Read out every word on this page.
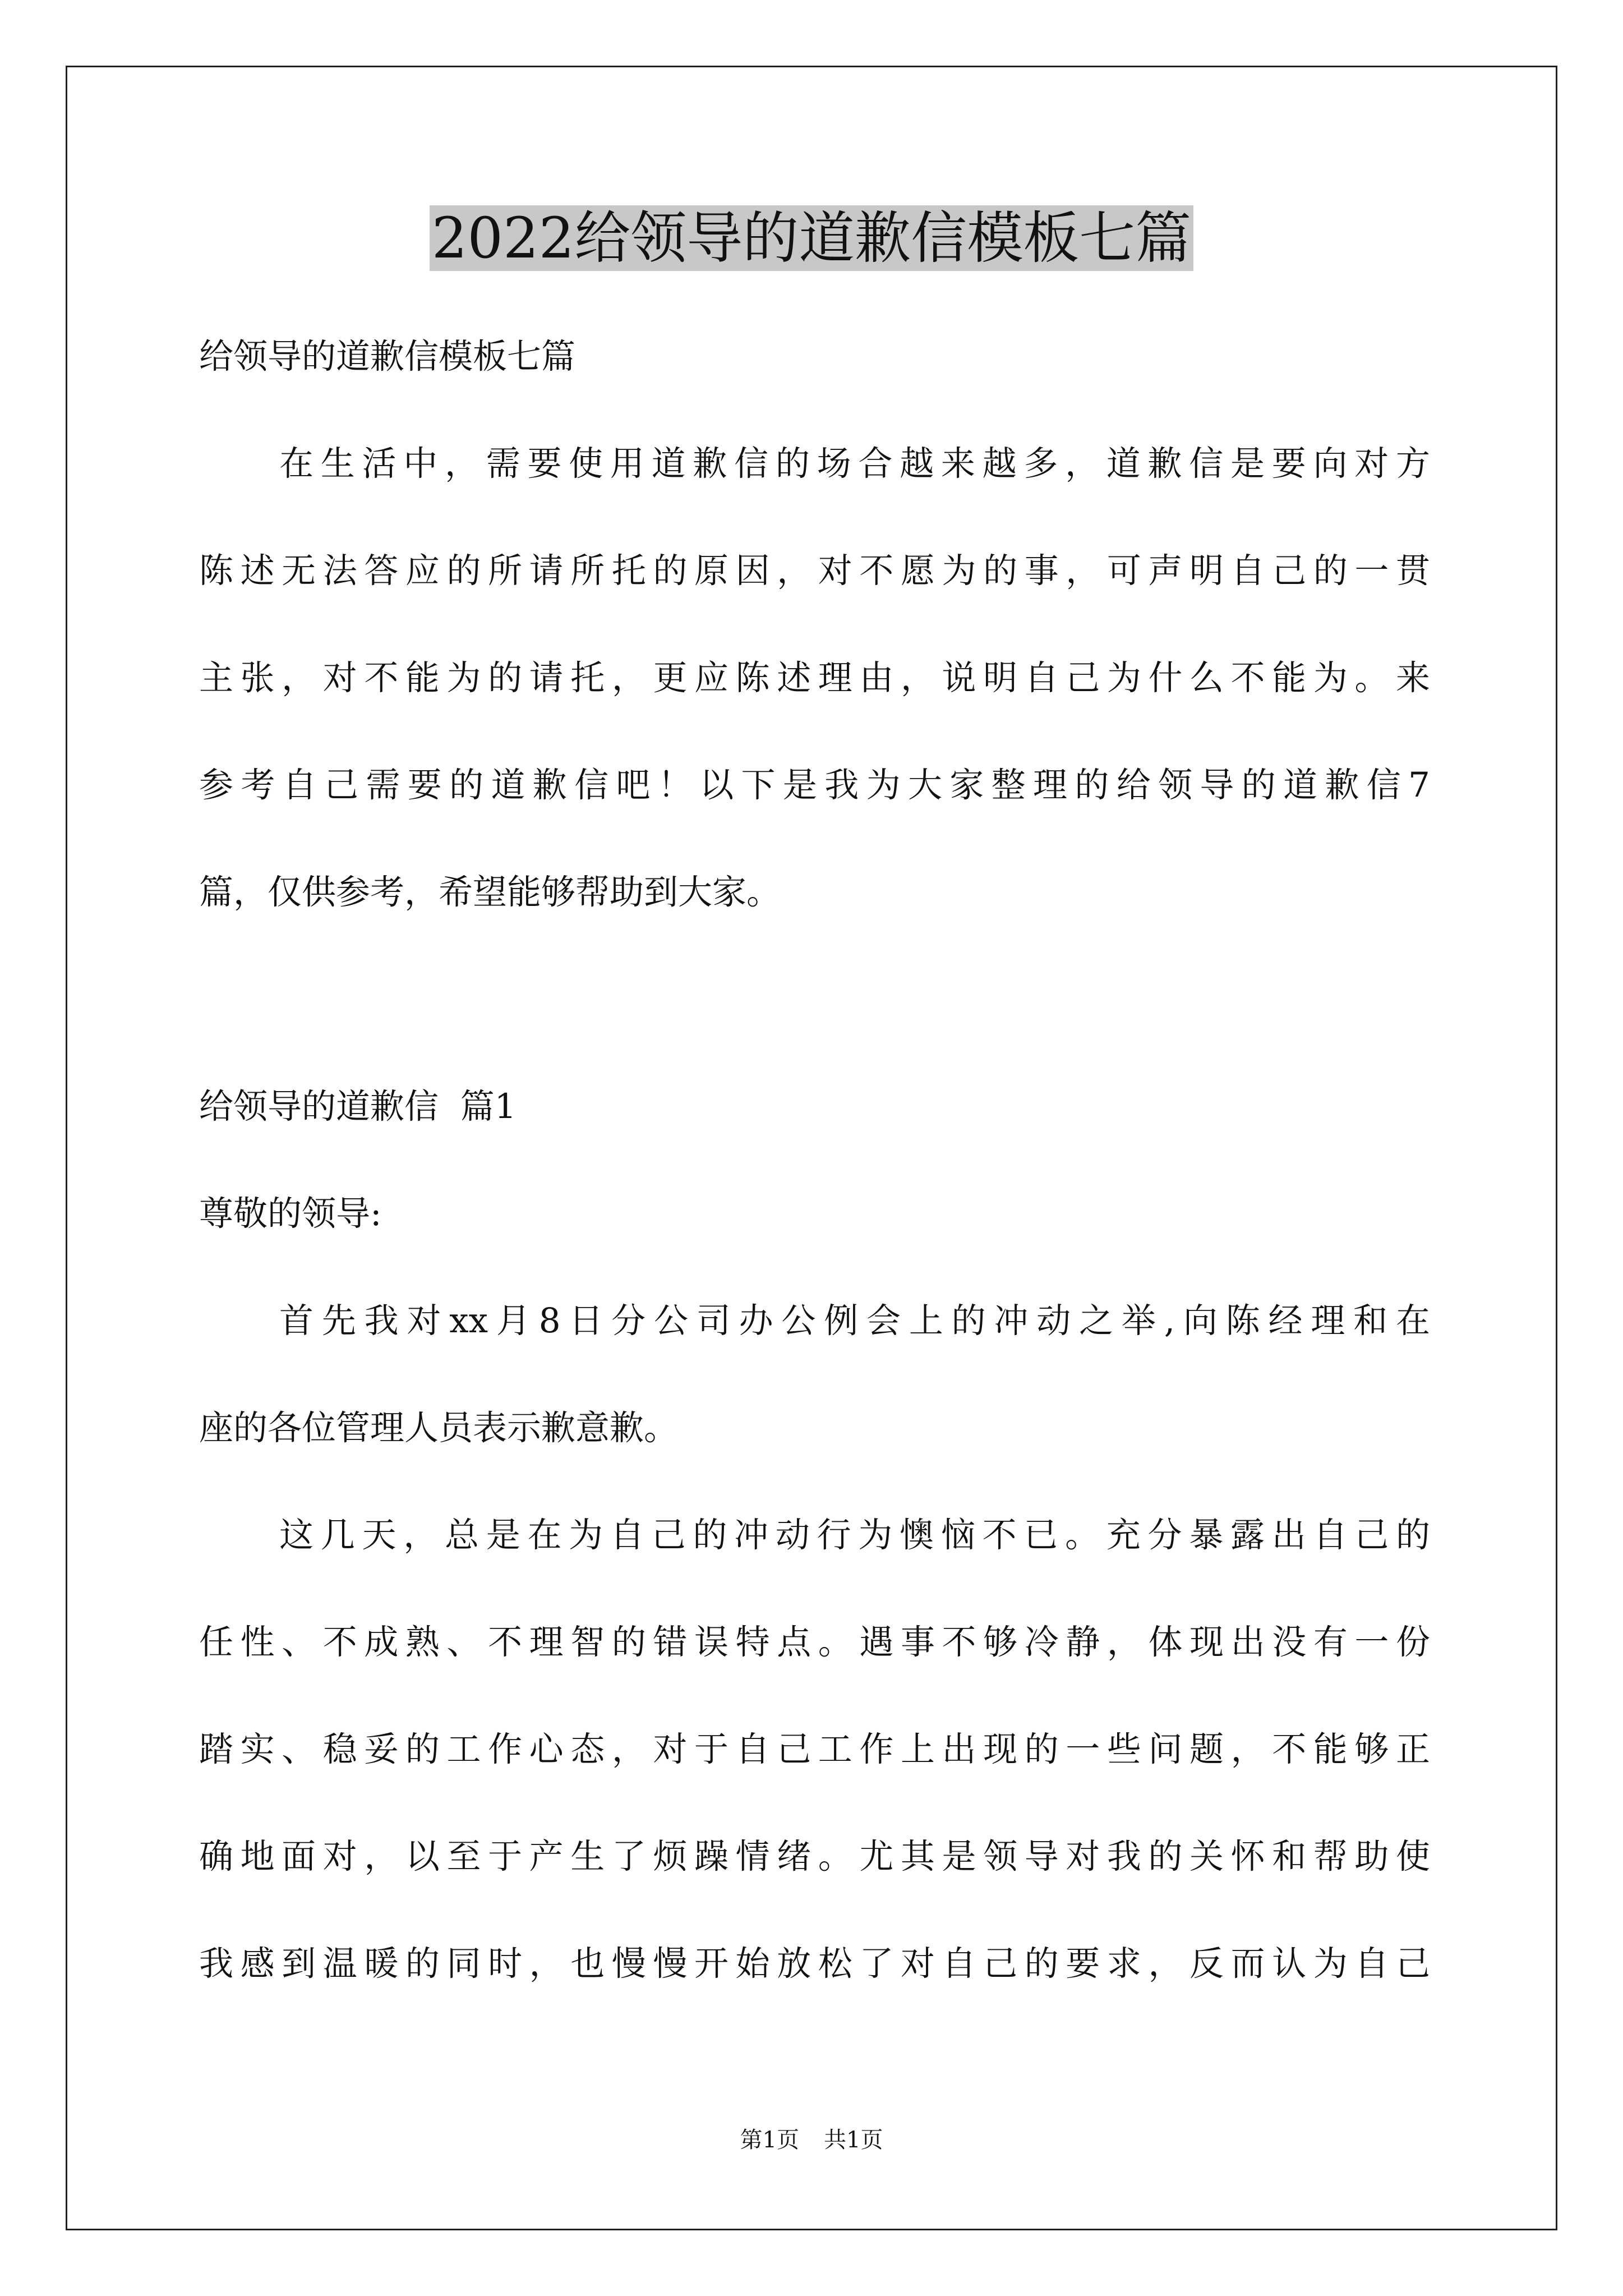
2022给领导的道歉信模板七篇
给领导的道歉信模板七篇
在生活中，需要使用道歉信的场合越来越多，道歉信是要向对方
陈述无法答应的所请所托的原因，对不愿为的事，可声明自己的一贯
主张，对不能为的请托，更应陈述理由，说明自己为什么不能为。来
参考自己需要的道歉信吧！以下是我为大家整理的给领导的道歉信7
篇，仅供参考，希望能够帮助到大家。
给领导的道歉信  篇1
尊敬的领导:
首先我对xx月8日分公司办公例会上的冲动之举,向陈经理和在
座的各位管理人员表示歉意歉。
这几天，总是在为自己的冲动行为懊恼不已。充分暴露出自己的
任性、不成熟、不理智的错误特点。遇事不够冷静，体现出没有一份
踏实、稳妥的工作心态，对于自己工作上出现的一些问题，不能够正
确地面对，以至于产生了烦躁情绪。尤其是领导对我的关怀和帮助使
我感到温暖的同时，也慢慢开始放松了对自己的要求，反而认为自己
第1页 共1页
